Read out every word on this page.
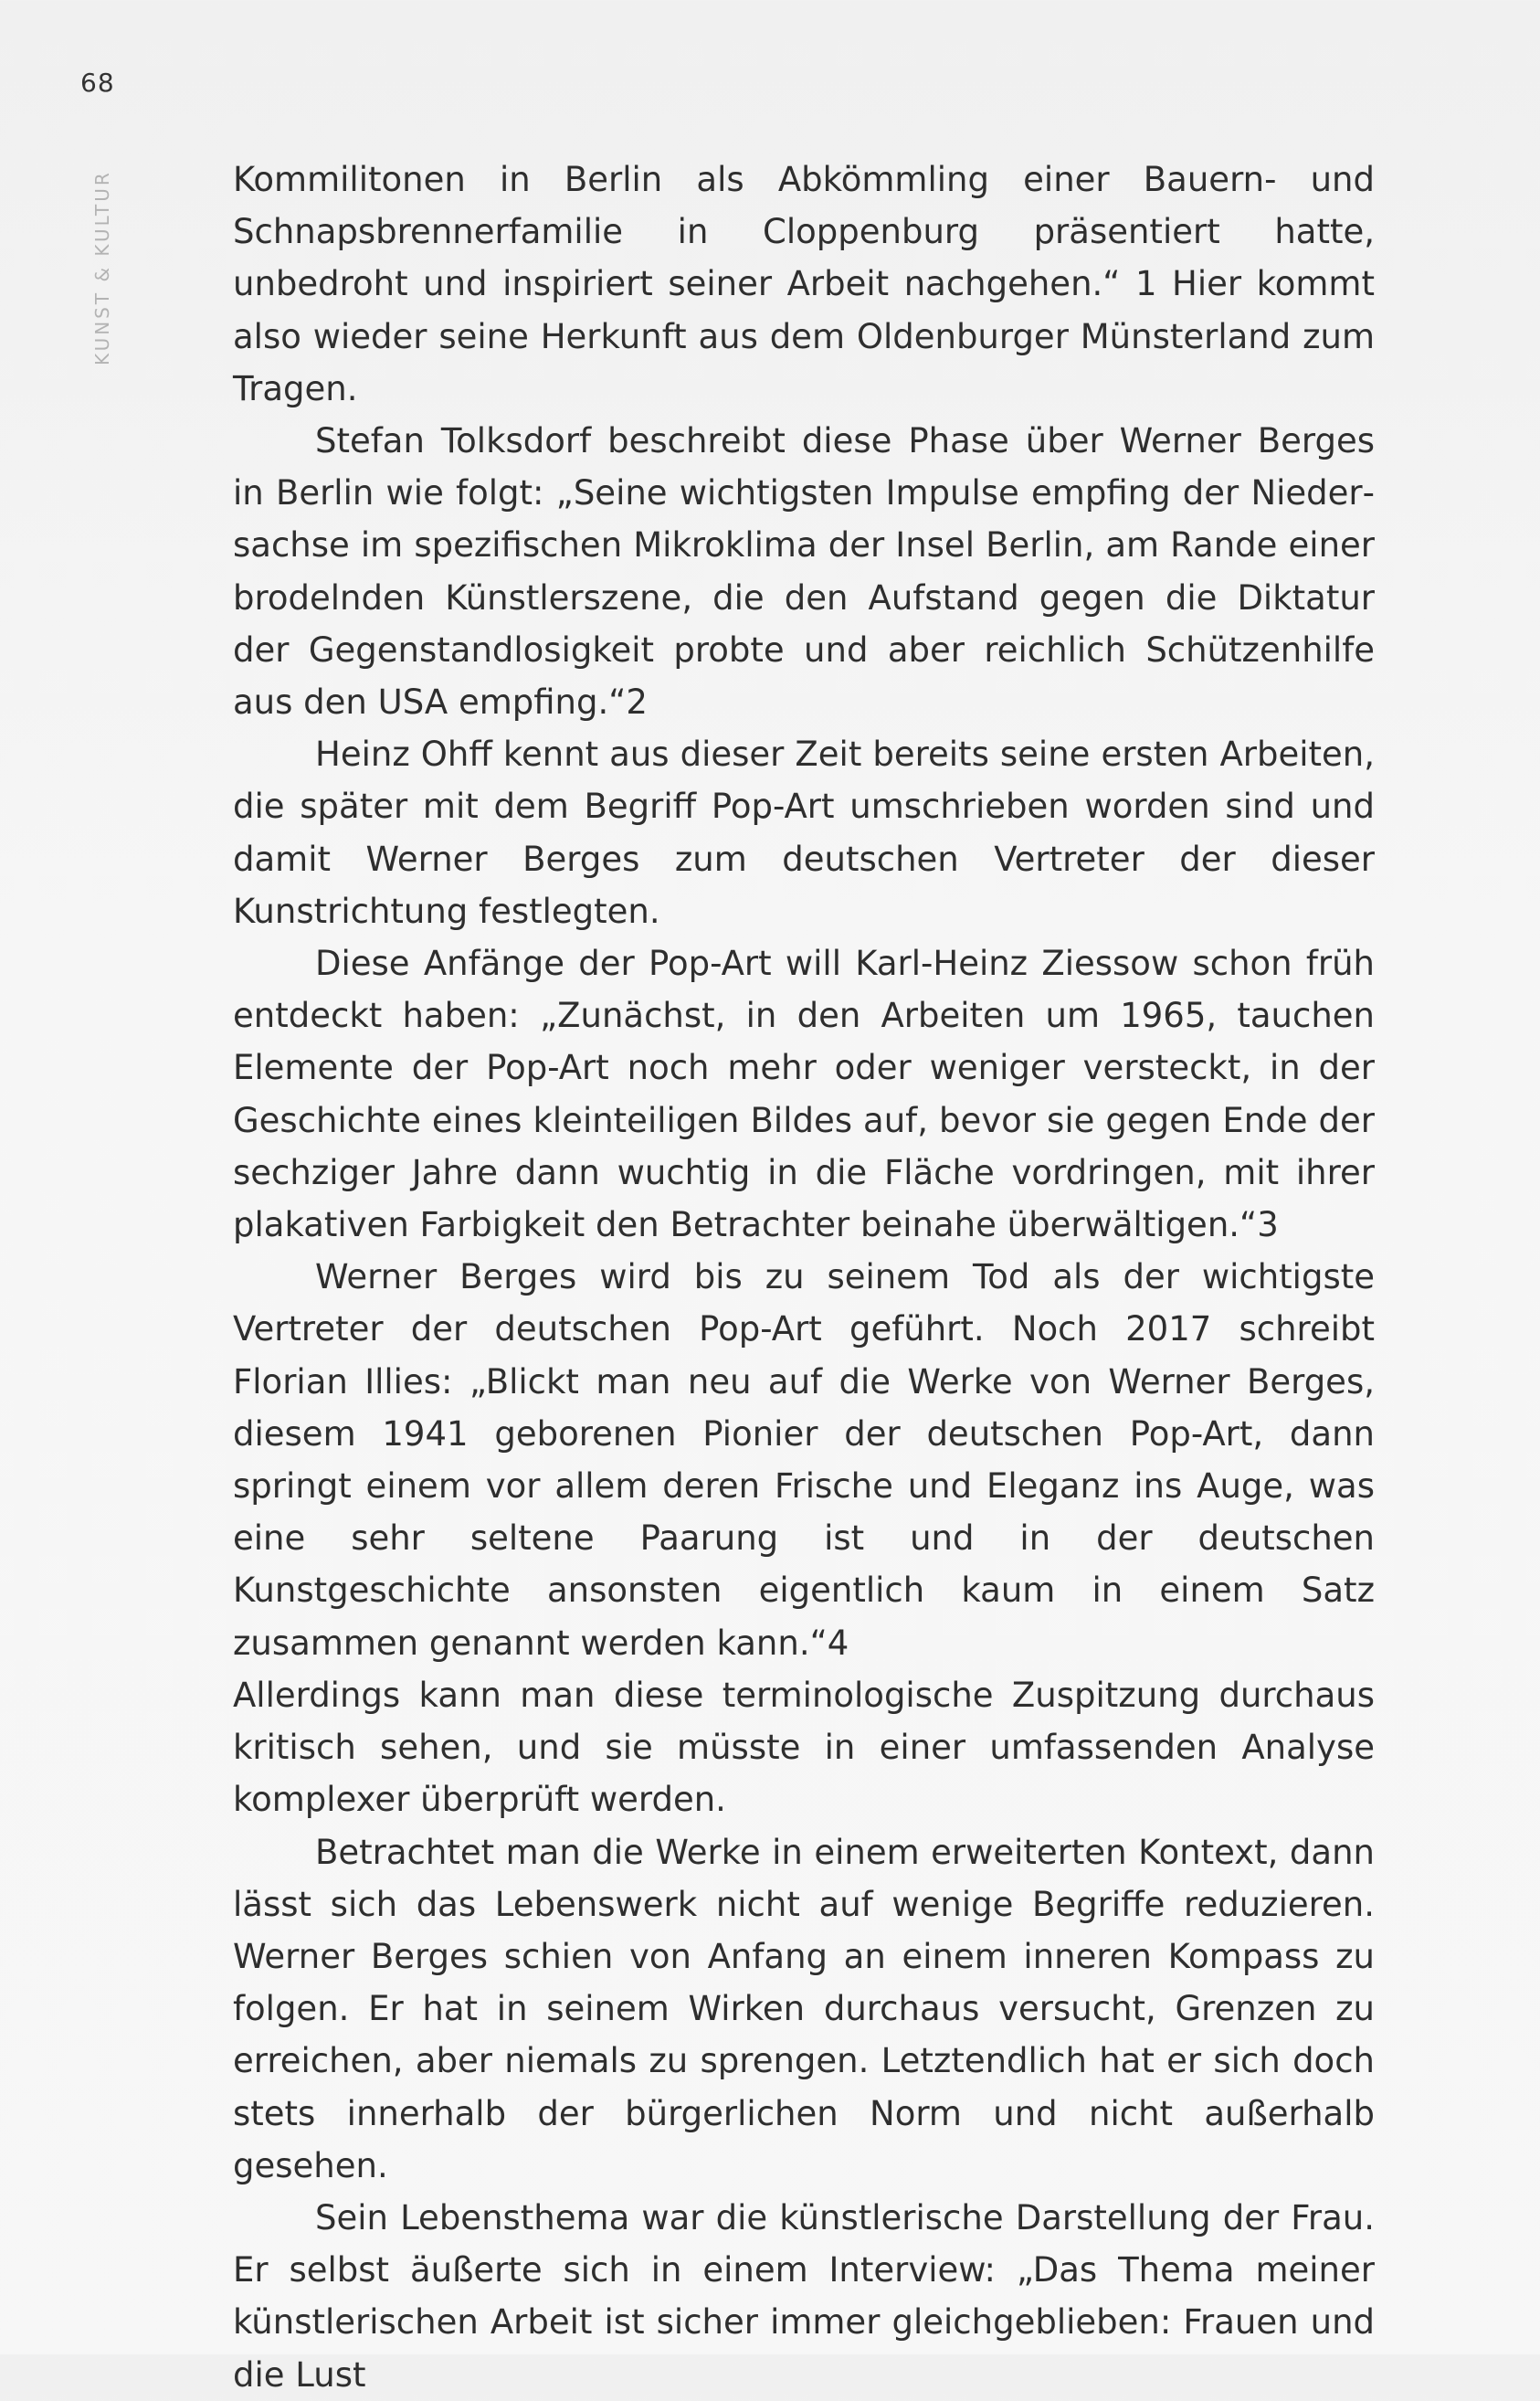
68
KUNST & KULTUR	Kommilitonen in Berlin als Abkömmling einer Bauern- und Schnapsbrennerfamilie in Cloppenburg präsentiert hatte, unbedroht und inspiriert seiner Arbeit nachgehen.“ 1 Hier kommt also wieder seine Herkunft aus dem Oldenburger Münsterland zum Tragen.

Stefan Tolksdorf beschreibt diese Phase über Werner Berges in Berlin wie folgt: „Seine wichtigsten Impulse empfing der Niedersachse im spezifischen Mikroklima der Insel Berlin, am Rande einer brodelnden Künstlerszene, die den Aufstand gegen die Diktatur der Gegenstandlosigkeit probte und aber reichlich Schützenhilfe aus den USA empfing.“2

Heinz Ohff kennt aus dieser Zeit bereits seine ersten Arbeiten, die später mit dem Begriff Pop-Art umschrieben worden sind und damit Werner Berges zum deutschen Vertreter der dieser Kunstrichtung festlegten.

Diese Anfänge der Pop-Art will Karl-Heinz Ziessow schon früh entdeckt haben: „Zunächst, in den Arbeiten um 1965, tauchen Elemente der Pop-Art noch mehr oder weniger versteckt, in der Geschichte eines kleinteiligen Bildes auf, bevor sie gegen Ende der sechziger Jahre dann wuchtig in die Fläche vordringen, mit ihrer plakativen Farbigkeit den Betrachter beinahe überwältigen.“3

Werner Berges wird bis zu seinem Tod als der wichtigste Vertreter der deutschen Pop-Art geführt. Noch 2017 schreibt Florian Illies: „Blickt man neu auf die Werke von Werner Berges, diesem 1941 geborenen Pionier der deutschen Pop-Art, dann springt einem vor allem deren Frische und Eleganz ins Auge, was eine sehr seltene Paarung ist und in der deutschen Kunstgeschichte ansonsten eigentlich kaum in einem Satz zusammen genannt werden kann.“4

Allerdings kann man diese terminologische Zuspitzung durchaus kritisch sehen, und sie müsste in einer umfassenden Analyse komplexer überprüft werden.

Betrachtet man die Werke in einem erweiterten Kontext, dann lässt sich das Lebenswerk nicht auf wenige Begriffe reduzieren. Werner Berges schien von Anfang an einem inneren Kompass zu folgen. Er hat in seinem Wirken durchaus versucht, Grenzen zu erreichen, aber niemals zu sprengen. Letztendlich hat er sich doch stets innerhalb der bürgerlichen Norm und nicht außerhalb gesehen.

Sein Lebensthema war die künstlerische Darstellung der Frau. Er selbst äußerte sich in einem Interview: „Das Thema meiner künstlerischen Arbeit ist sicher immer gleichgeblieben: Frauen und die Lust
